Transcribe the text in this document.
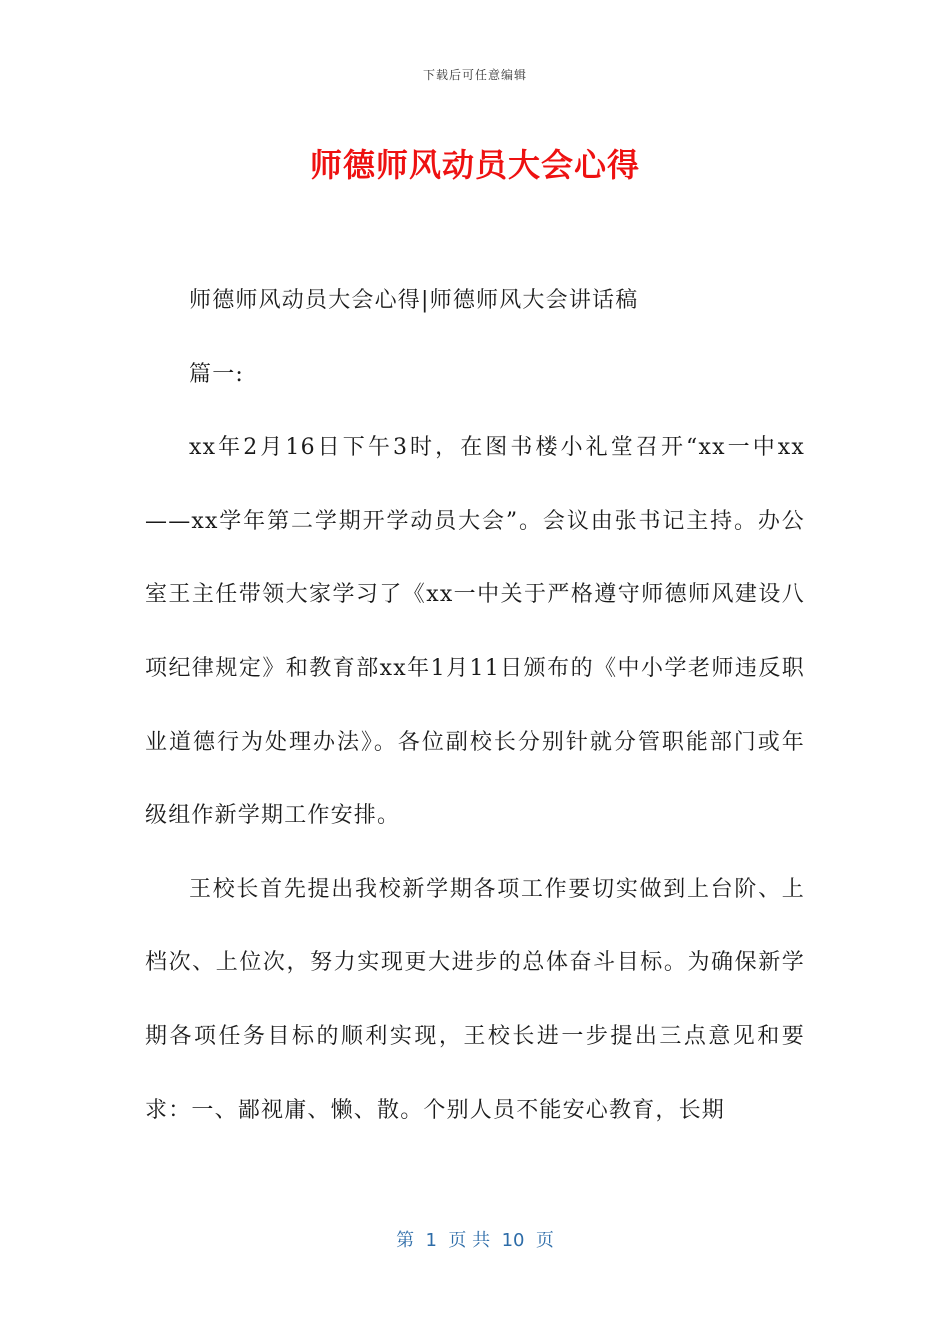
下载后可任意编辑
师德师风动员大会心得

师德师风动员大会心得|师德师风大会讲话稿

篇一:

xx年2月16日下午3时，在图书楼小礼堂召开“xx一中xx——xx学年第二学期开学动员大会”。会议由张书记主持。办公室王主任带领大家学习了《xx一中关于严格遵守师德师风建设八项纪律规定》和教育部xx年1月11日颁布的《中小学老师违反职业道德行为处理办法》。各位副校长分别针就分管职能部门或年级组作新学期工作安排。

王校长首先提出我校新学期各项工作要切实做到上台阶、上档次、上位次，努力实现更大进步的总体奋斗目标。为确保新学期各项任务目标的顺利实现，王校长进一步提出三点意见和要求：一、鄙视庸、懒、散。个别人员不能安心教育，长期

第  1  页 共  10  页
